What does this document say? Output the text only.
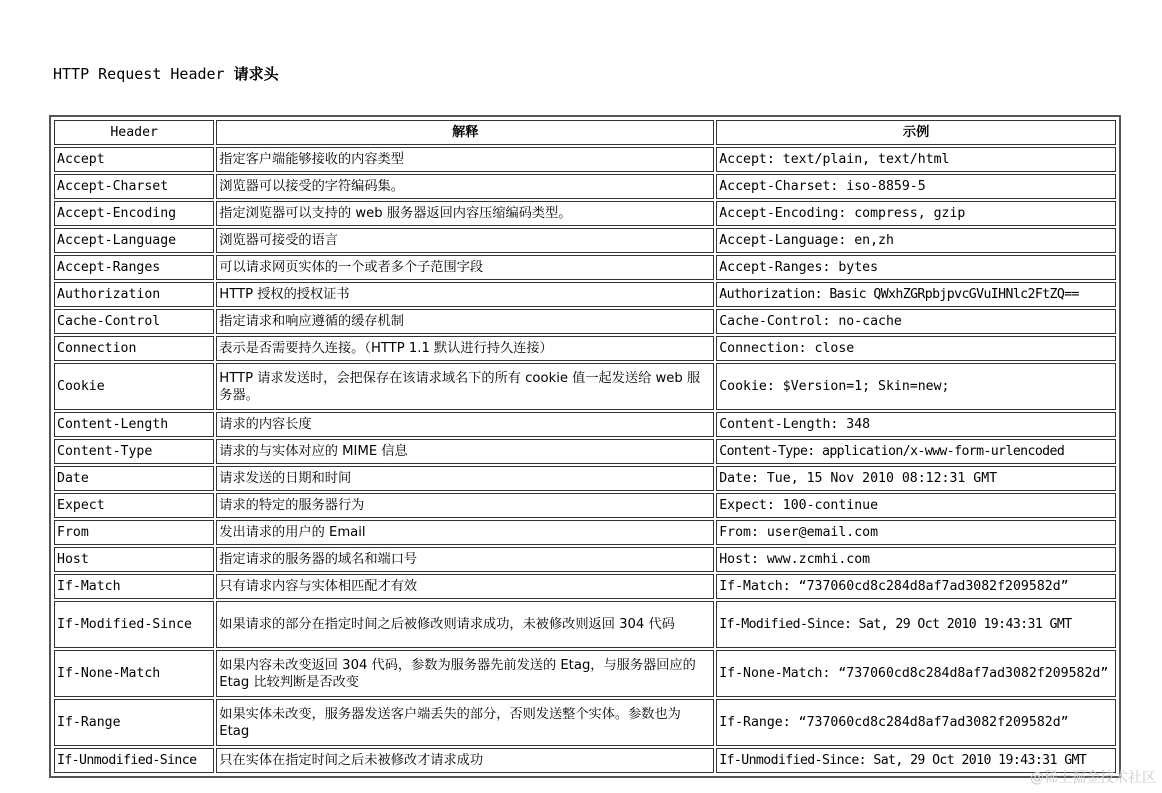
HTTP Request Header 请求头
Header	解释	示例
Accept	指定客户端能够接收的内容类型	Accept: text/plain, text/html
Accept-Charset	浏览器可以接受的字符编码集。	Accept-Charset: iso-8859-5
Accept-Encoding	指定浏览器可以支持的 web 服务器返回内容压缩编码类型。	Accept-Encoding: compress, gzip
Accept-Language	浏览器可接受的语言	Accept-Language: en,zh
Accept-Ranges	可以请求网页实体的一个或者多个子范围字段	Accept-Ranges: bytes
Authorization	HTTP 授权的授权证书	Authorization: Basic QWxhZGRpbjpvcGVuIHNlc2FtZQ==
Cache-Control	指定请求和响应遵循的缓存机制	Cache-Control: no-cache
Connection	表示是否需要持久连接。（HTTP 1.1 默认进行持久连接）	Connection: close
Cookie	HTTP 请求发送时，会把保存在该请求域名下的所有 cookie 值一起发送给 web 服务器。	Cookie: $Version=1; Skin=new;
Content-Length	请求的内容长度	Content-Length: 348
Content-Type	请求的与实体对应的 MIME 信息	Content-Type: application/x-www-form-urlencoded
Date	请求发送的日期和时间	Date: Tue, 15 Nov 2010 08:12:31 GMT
Expect	请求的特定的服务器行为	Expect: 100-continue
From	发出请求的用户的 Email	From: user@email.com
Host	指定请求的服务器的域名和端口号	Host: www.zcmhi.com
If-Match	只有请求内容与实体相匹配才有效	If-Match: “737060cd8c284d8af7ad3082f209582d”
If-Modified-Since	如果请求的部分在指定时间之后被修改则请求成功，未被修改则返回 304 代码	If-Modified-Since: Sat, 29 Oct 2010 19:43:31 GMT
If-None-Match	如果内容未改变返回 304 代码，参数为服务器先前发送的 Etag，与服务器回应的 Etag 比较判断是否改变	If-None-Match: “737060cd8c284d8af7ad3082f209582d”
If-Range	如果实体未改变，服务器发送客户端丢失的部分，否则发送整个实体。参数也为 Etag	If-Range: “737060cd8c284d8af7ad3082f209582d”
If-Unmodified-Since	只在实体在指定时间之后未被修改才请求成功	If-Unmodified-Since: Sat, 29 Oct 2010 19:43:31 GMT
@稀土掘金技术社区
